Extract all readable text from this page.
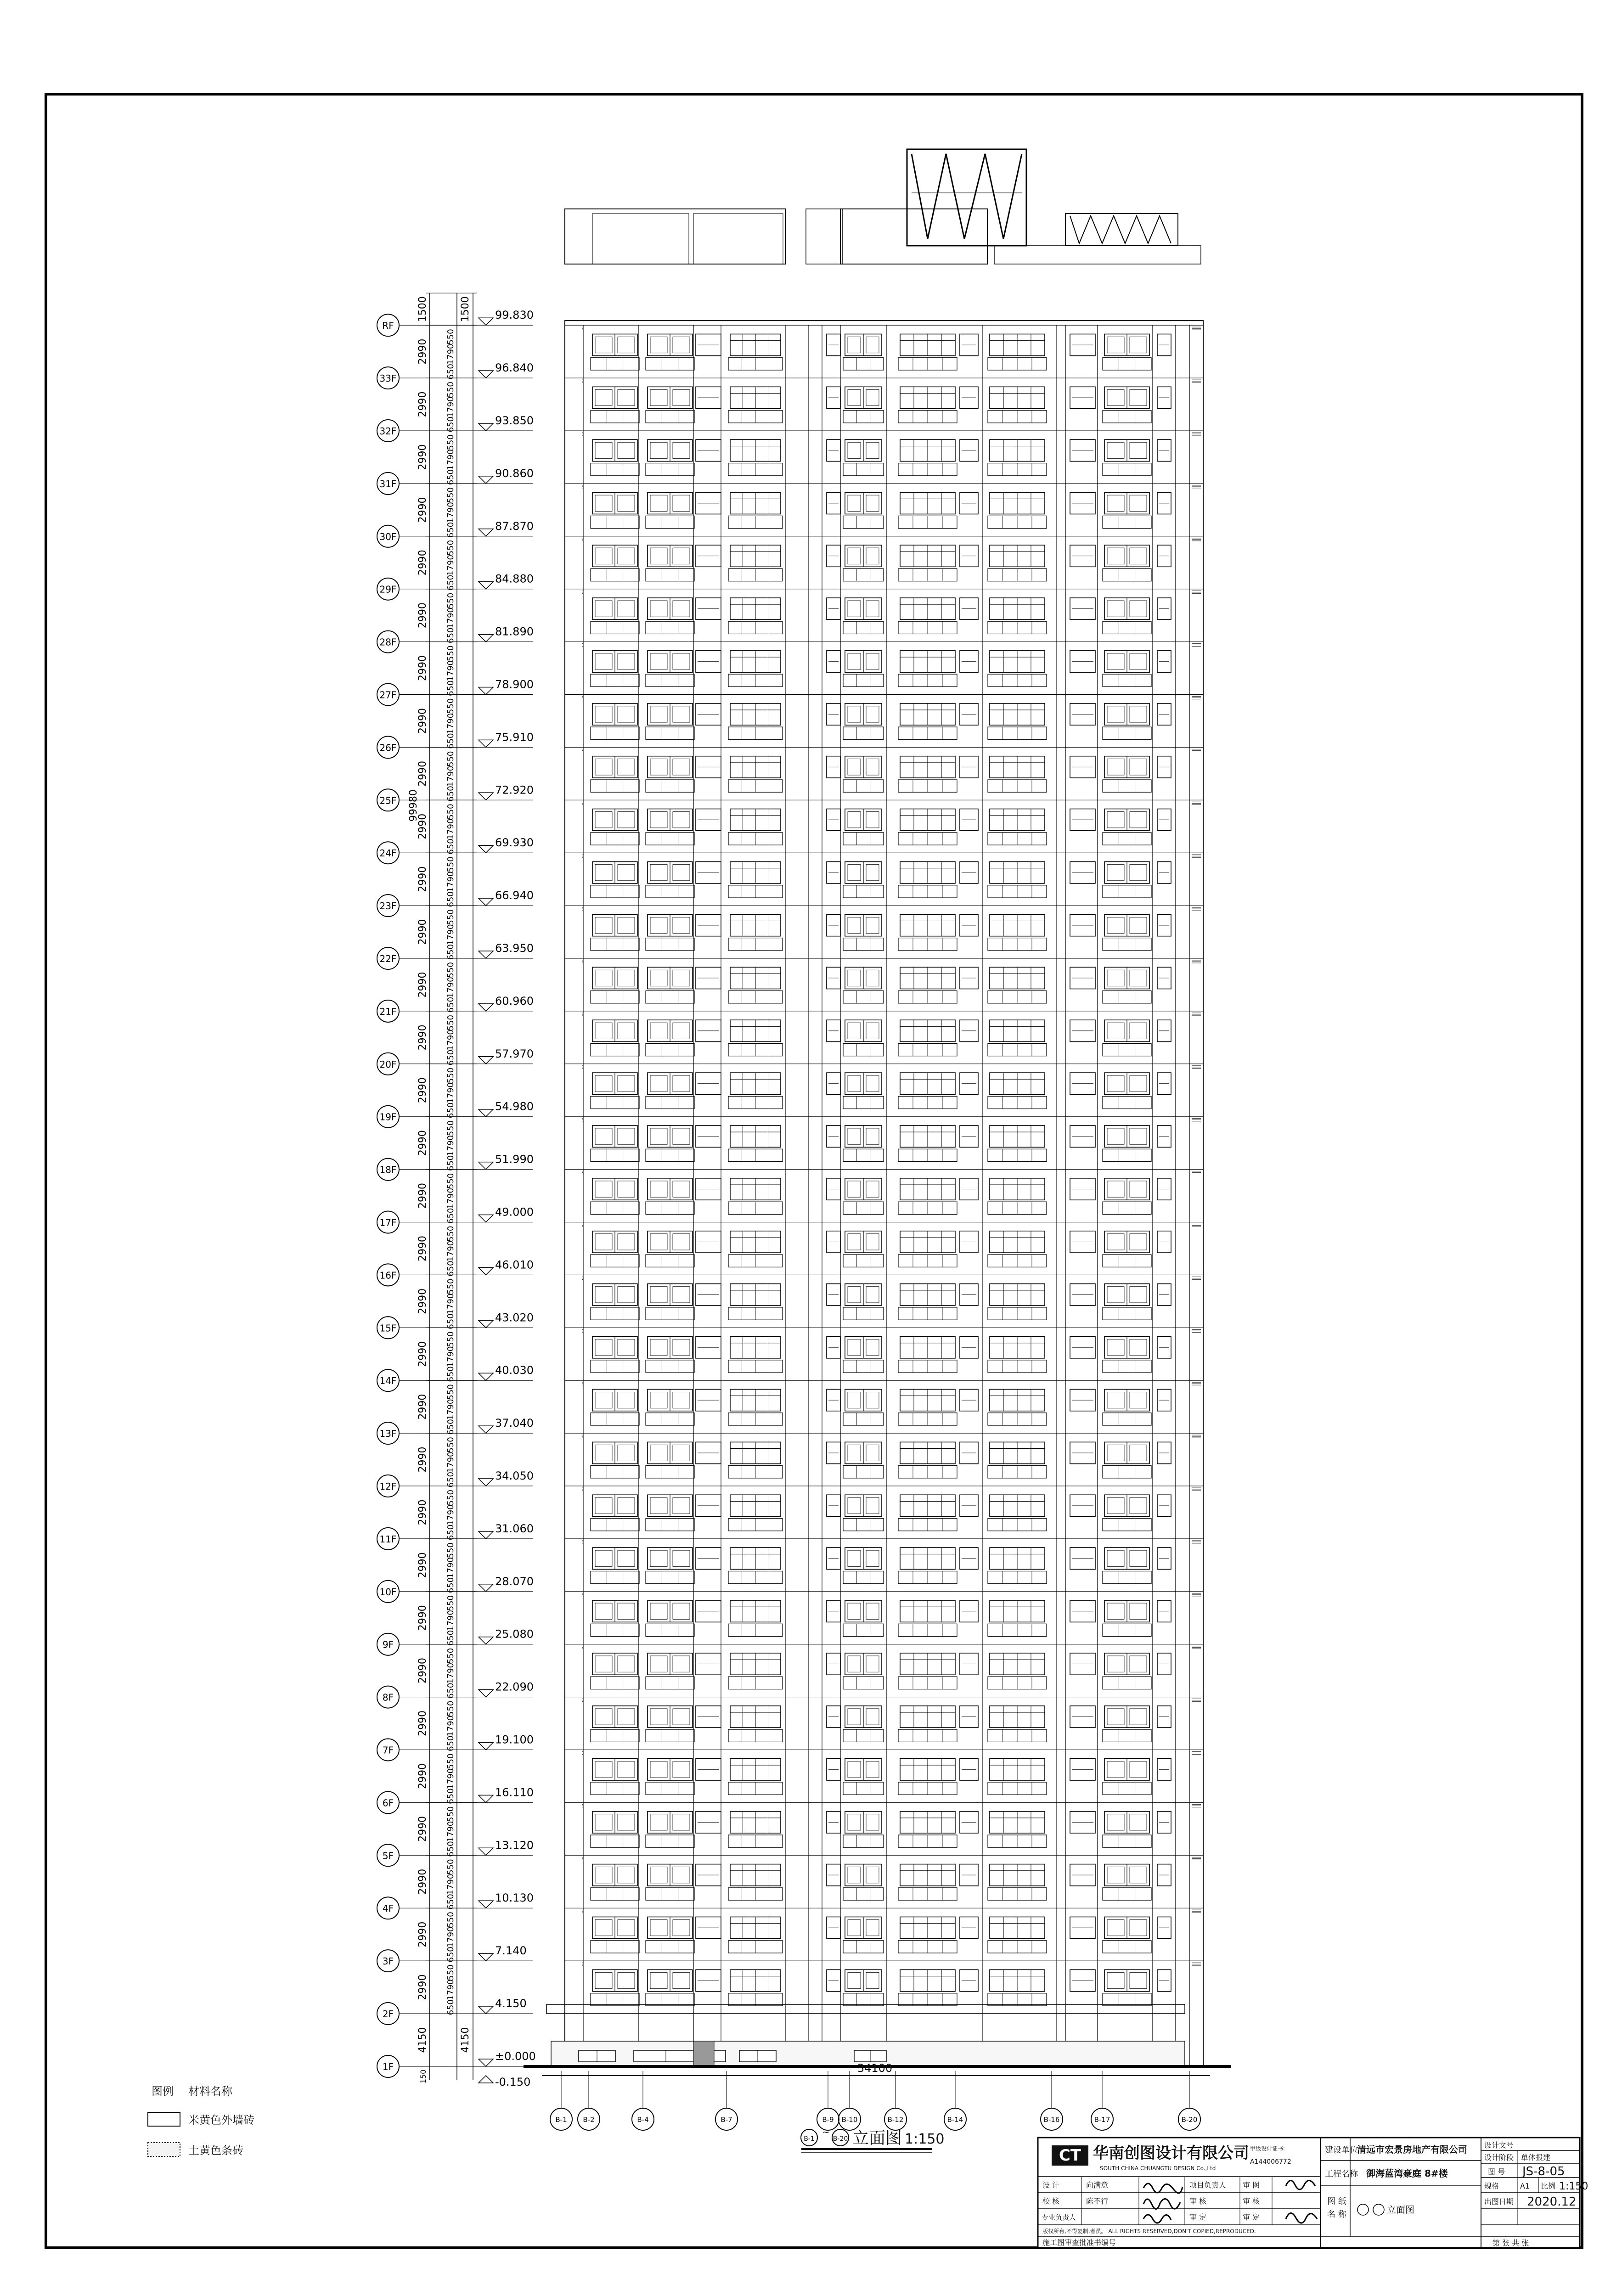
1F
±0.000
2F
4.150
3F
7.140
4F
10.130
5F
13.120
6F
16.110
7F
19.100
8F
22.090
9F
25.080
10F
28.070
11F
31.060
12F
34.050
13F
37.040
14F
40.030
15F
43.020
16F
46.010
17F
49.000
18F
51.990
19F
54.980
20F
57.970
21F
60.960
22F
63.950
23F
66.940
24F
69.930
25F
72.920
26F
75.910
27F
78.900
28F
81.890
29F
84.880
30F
87.870
31F
90.860
32F
93.850
33F
96.840
RF
99.830
-0.150
4150	4150
2990
550
1790
650
2990
550
1790
650
2990
550
1790
650
2990
550
1790
650
2990
550
1790
650
2990
550
1790
650
2990
550
1790
650
2990
550
1790
650
2990
550
1790
650
2990
550
1790
650
2990
550
1790
650
2990
550
1790
650
2990
550
1790
650
2990
550
1790
650
2990
550
1790
650
2990
550
1790
650
2990
550
1790
650
2990
550
1790
650
2990
550
1790
650
2990
550
1790
650
2990
550
1790
650
2990
550
1790
650
2990
550
1790
650
2990
550
1790
650
2990
550
1790
650
2990
550
1790
650
2990
550
1790
650
2990
550
1790
650
2990
550
1790
650
2990
550
1790
650
2990
550
1790
650
2990
550
1790
650
1500	1500
150
99980
B-1 B-2	B-4	B-7	B-9 B-10	B-12	B-14	B-16	B-17	B-20
34100
B-1
~
B-20 立面图 1:150
图例 材料名称
米黄色外墙砖
土黄色条砖	CT 华南创图设计有限公司
SOUTH CHINA CHUANGTU DESIGN Co.,Ltd
甲级设计证书:
A144006772
设 计	向满意	项目负责人 审 图
校 核	陈不行	审 核	审 核
专业负责人	审 定	审 定
版权所有,不得复制,者员。 ALL RIGHTS RESERVED,DON'T COPIED,REPRODUCED.
建设单位
清远市宏景房地产有限公司
工程名称 御海蓝湾豪庭 8#楼
图 纸
名 称	立面图
施工图审查批准书编号
设计文号
设计阶段 单体报建
图 号 JS-8-05
规格	A1 比例 1:150
出图日期 2020.12
第 张 共 张
